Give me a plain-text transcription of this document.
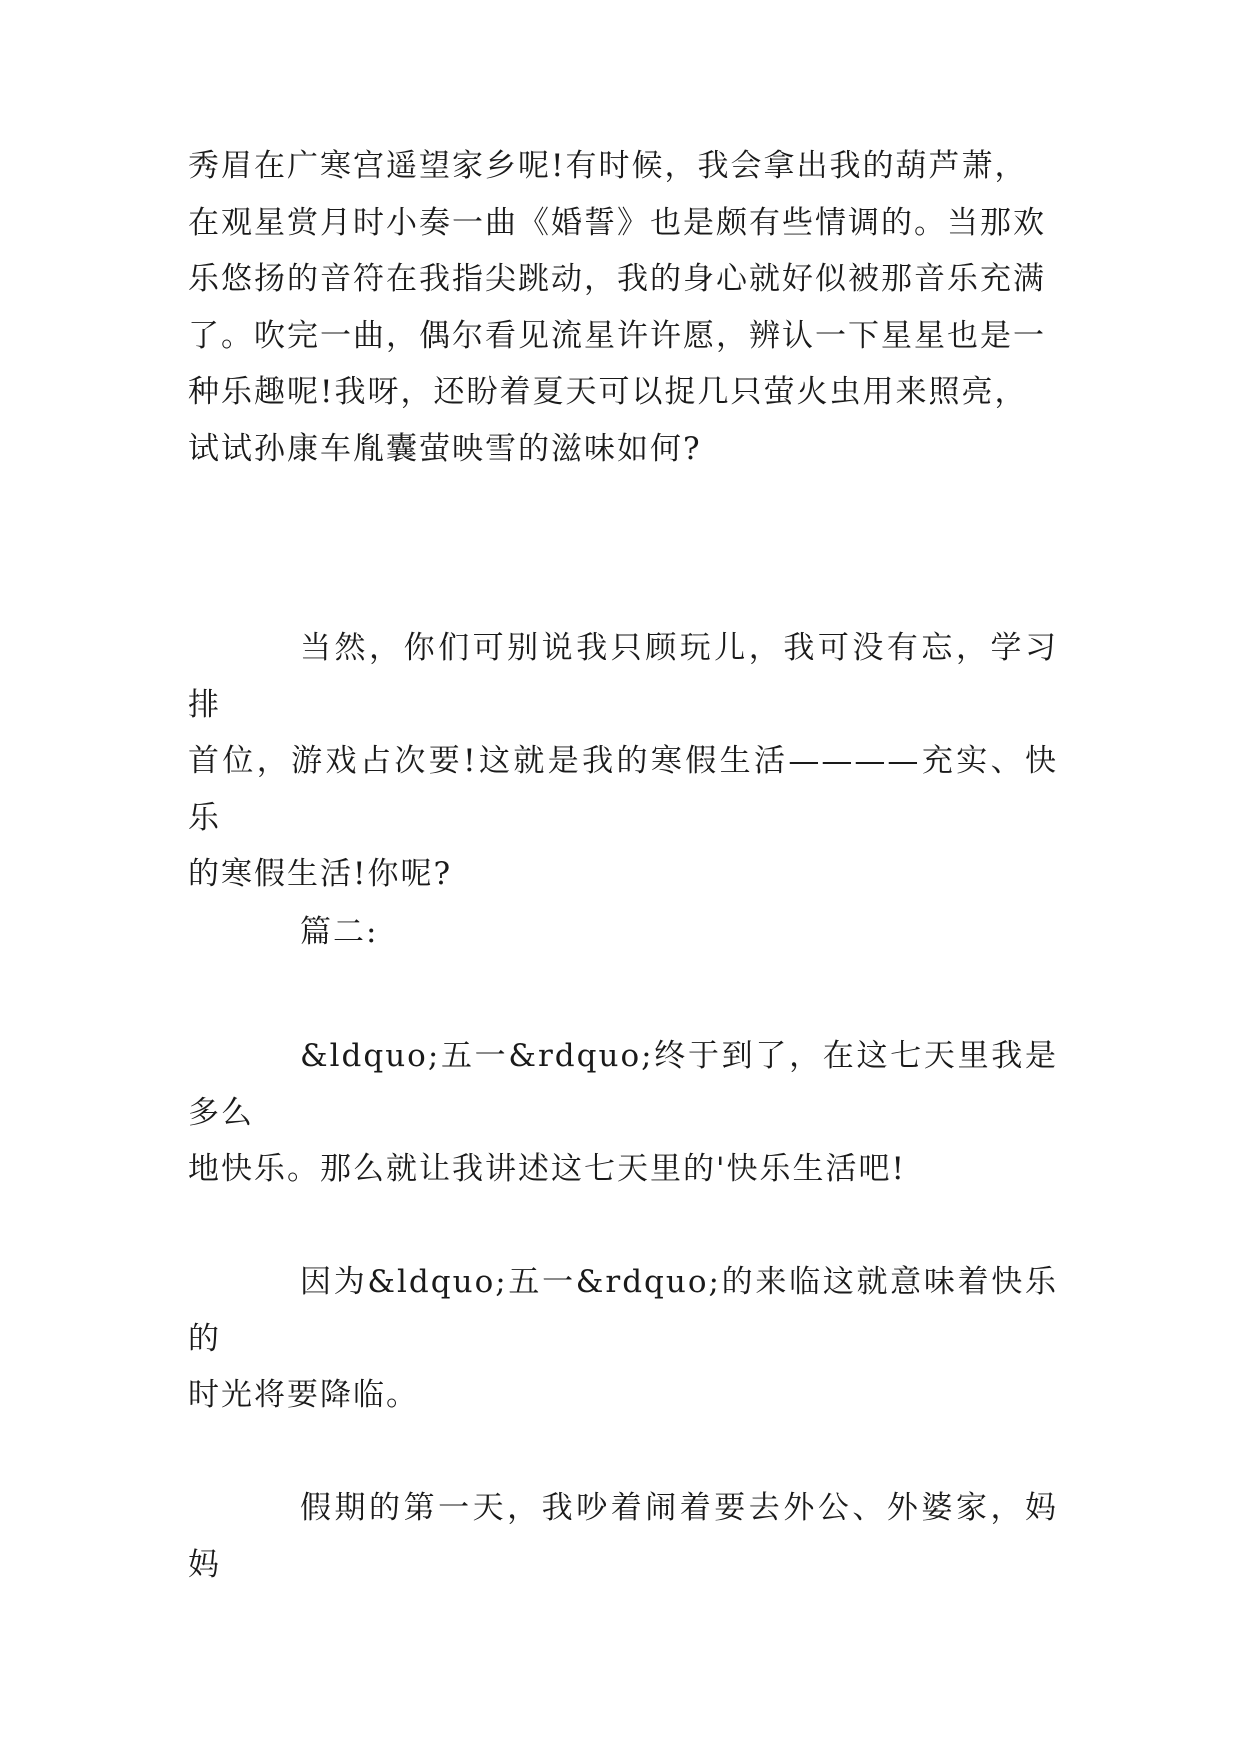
秀眉在广寒宫遥望家乡呢!有时候，我会拿出我的葫芦萧，
在观星赏月时小奏一曲《婚誓》也是颇有些情调的。当那欢
乐悠扬的音符在我指尖跳动，我的身心就好似被那音乐充满
了。吹完一曲，偶尔看见流星许许愿，辨认一下星星也是一
种乐趣呢!我呀，还盼着夏天可以捉几只萤火虫用来照亮，
试试孙康车胤囊萤映雪的滋味如何?

当然，你们可别说我只顾玩儿，我可没有忘，学习排
首位，游戏占次要!这就是我的寒假生活————充实、快乐
的寒假生活!你呢?

篇二:

&ldquo;五一&rdquo;终于到了，在这七天里我是多么
地快乐。那么就让我讲述这七天里的'快乐生活吧!

因为&ldquo;五一&rdquo;的来临这就意味着快乐的
时光将要降临。

假期的第一天，我吵着闹着要去外公、外婆家，妈妈
